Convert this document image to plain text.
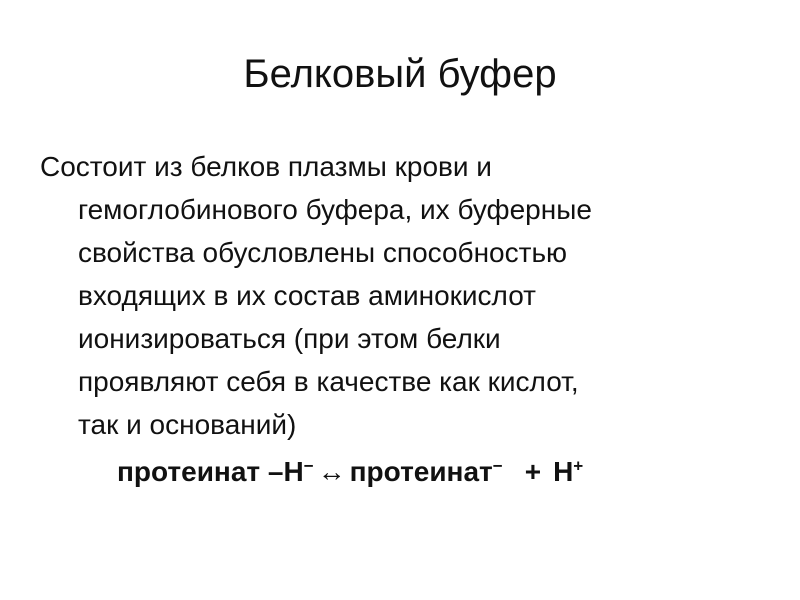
Белковый буфер

Состоит из белков плазмы крови и
гемоглобинового буфера, их буферные
свойства обусловлены способностью
входящих в их состав аминокислот
ионизироваться (при этом белки
проявляют себя в качестве как кислот,
так и оснований)

протеинат –Н− ↔ протеинат− + Н+
